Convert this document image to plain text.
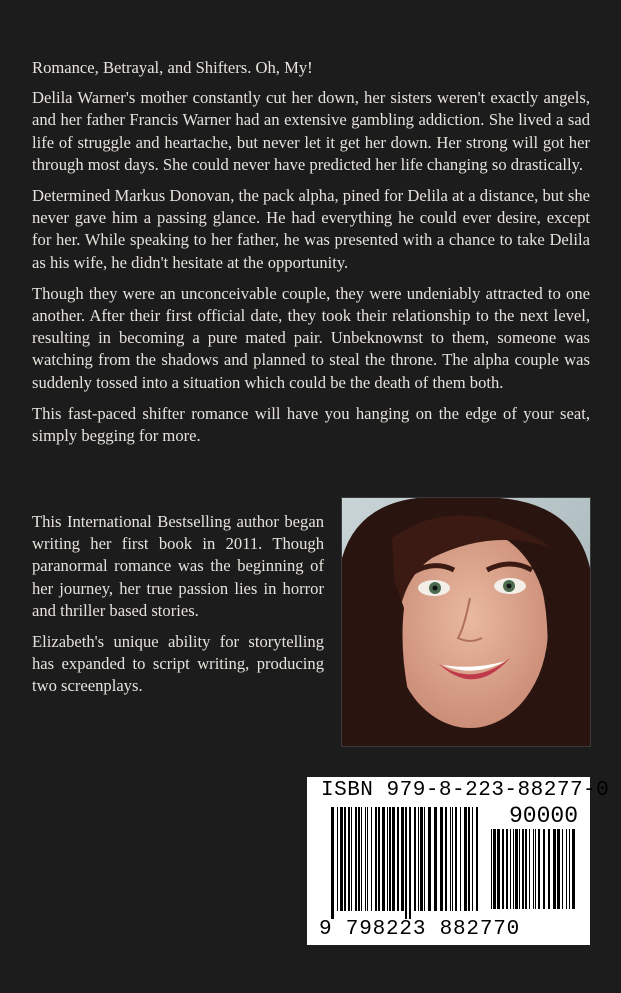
Romance, Betrayal, and Shifters. Oh, My!

Delila Warner's mother constantly cut her down, her sisters weren't exactly angels, and her father Francis Warner had an extensive gambling addiction. She lived a sad life of struggle and heartache, but never let it get her down. Her strong will got her through most days. She could never have predicted her life changing so drastically.

Determined Markus Donovan, the pack alpha, pined for Delila at a distance, but she never gave him a passing glance. He had everything he could ever desire, except for her. While speaking to her father, he was presented with a chance to take Delila as his wife, he didn't hesitate at the opportunity.

Though they were an unconceivable couple, they were undeniably attracted to one another. After their first official date, they took their relationship to the next level, resulting in becoming a pure mated pair. Unbeknownst to them, someone was watching from the shadows and planned to steal the throne. The alpha couple was suddenly tossed into a situation which could be the death of them both.

This fast-paced shifter romance will have you hanging on the edge of your seat, simply begging for more.

This International Bestselling author began writing her first book in 2011. Though paranormal romance was the beginning of her journey, her true passion lies in horror and thriller based stories.

Elizabeth's unique ability for storytelling has expanded to script writing, producing two screenplays.

ISBN 979-8-223-88277-0
90000
9 798223 882770
